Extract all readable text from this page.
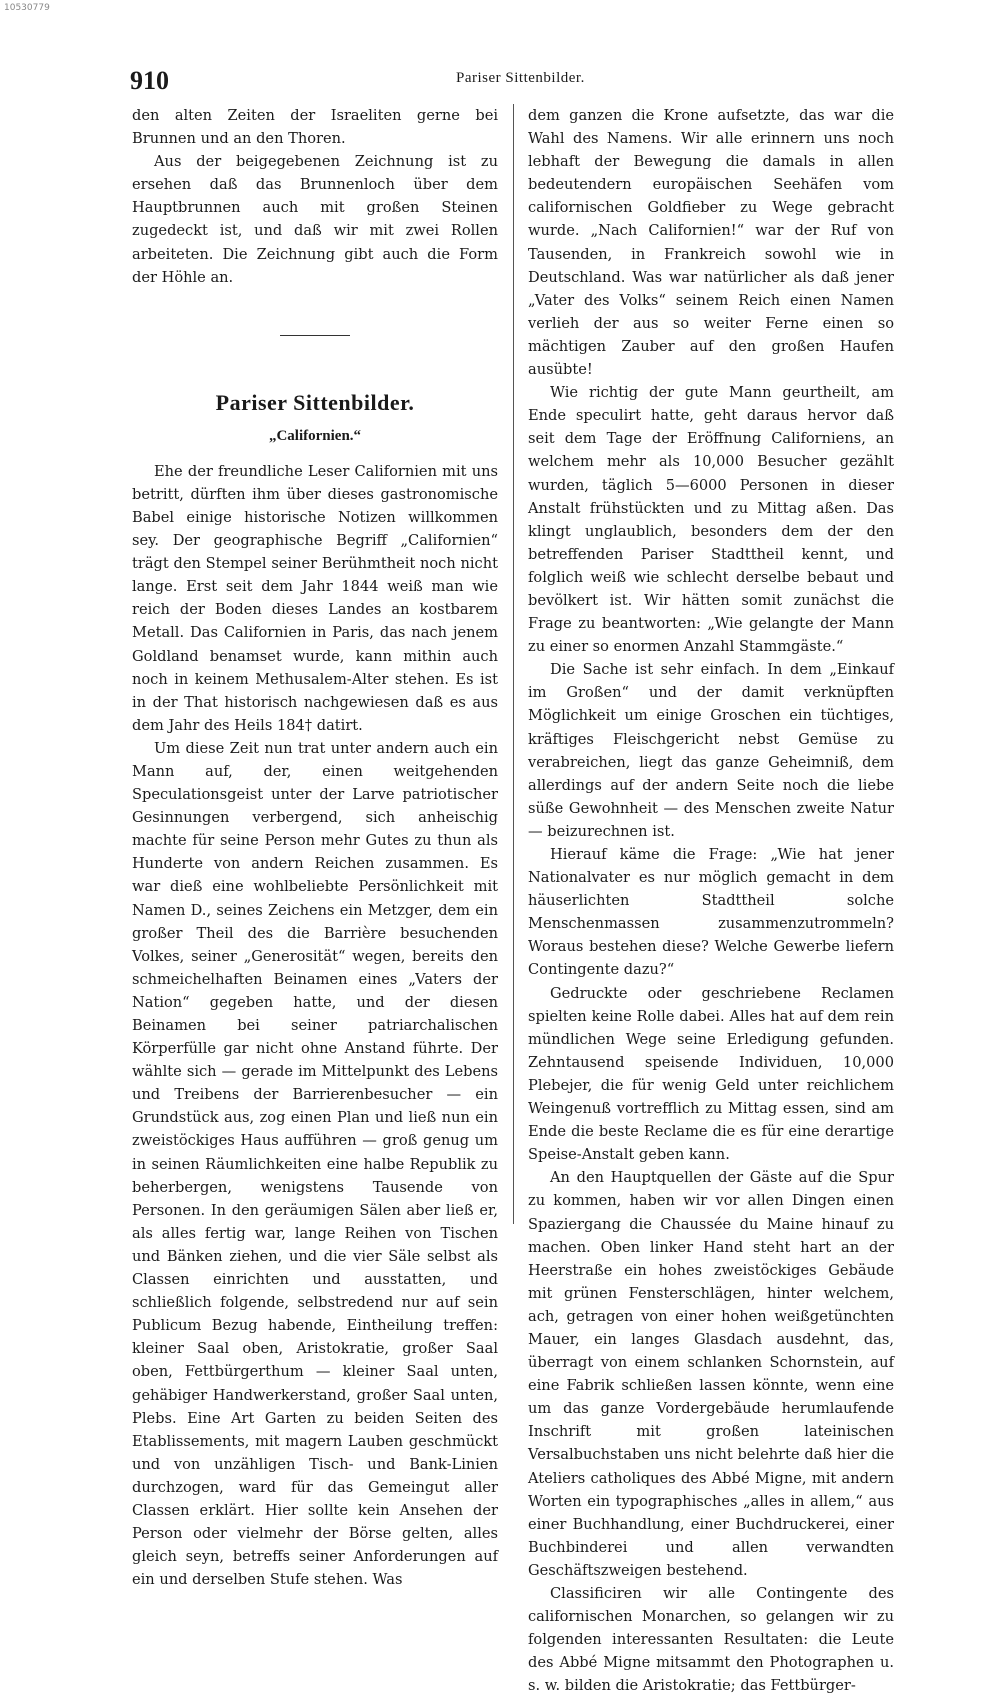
10530779
910	Pariser Sittenbilder.

den alten Zeiten der Israeliten gerne bei Brunnen und an den Thoren.

Aus der beigegebenen Zeichnung ist zu ersehen daß das Brunnenloch über dem Hauptbrunnen auch mit großen Steinen zugedeckt ist, und daß wir mit zwei Rollen arbeiteten. Die Zeichnung gibt auch die Form der Höhle an.

Pariser Sittenbilder.
„Californien.“

Ehe der freundliche Leser Californien mit uns betritt, dürften ihm über dieses gastronomische Babel einige historische Notizen willkommen sey. Der geographische Begriff „Californien“ trägt den Stempel seiner Berühmtheit noch nicht lange. Erst seit dem Jahr 1844 weiß man wie reich der Boden dieses Landes an kostbarem Metall. Das Californien in Paris, das nach jenem Goldland benamset wurde, kann mithin auch noch in keinem Methusalem-Alter stehen. Es ist in der That historisch nachgewiesen daß es aus dem Jahr des Heils 184† datirt.

Um diese Zeit nun trat unter andern auch ein Mann auf, der, einen weitgehenden Speculationsgeist unter der Larve patriotischer Gesinnungen verbergend, sich anheischig machte für seine Person mehr Gutes zu thun als Hunderte von andern Reichen zusammen. Es war dieß eine wohlbeliebte Persönlichkeit mit Namen D., seines Zeichens ein Metzger, dem ein großer Theil des die Barrière besuchenden Volkes, seiner „Generosität“ wegen, bereits den schmeichelhaften Beinamen eines „Vaters der Nation“ gegeben hatte, und der diesen Beinamen bei seiner patriarchalischen Körperfülle gar nicht ohne Anstand führte. Der wählte sich — gerade im Mittelpunkt des Lebens und Treibens der Barrierenbesucher — ein Grundstück aus, zog einen Plan und ließ nun ein zweistöckiges Haus aufführen — groß genug um in seinen Räumlichkeiten eine halbe Republik zu beherbergen, wenigstens Tausende von Personen. In den geräumigen Sälen aber ließ er, als alles fertig war, lange Reihen von Tischen und Bänken ziehen, und die vier Säle selbst als Classen einrichten und ausstatten, und schließlich folgende, selbstredend nur auf sein Publicum Bezug habende, Eintheilung treffen: kleiner Saal oben, Aristokratie, großer Saal oben, Fettbürgerthum — kleiner Saal unten, gehäbiger Handwerkerstand, großer Saal unten, Plebs. Eine Art Garten zu beiden Seiten des Etablissements, mit magern Lauben geschmückt und von unzähligen Tisch- und Bank-Linien durchzogen, ward für das Gemeingut aller Classen erklärt. Hier sollte kein Ansehen der Person oder vielmehr der Börse gelten, alles gleich seyn, betreffs seiner Anforderungen auf ein und derselben Stufe stehen. Was

dem ganzen die Krone aufsetzte, das war die Wahl des Namens. Wir alle erinnern uns noch lebhaft der Bewegung die damals in allen bedeutendern europäischen Seehäfen vom californischen Goldfieber zu Wege gebracht wurde. „Nach Californien!“ war der Ruf von Tausenden, in Frankreich sowohl wie in Deutschland. Was war natürlicher als daß jener „Vater des Volks“ seinem Reich einen Namen verlieh der aus so weiter Ferne einen so mächtigen Zauber auf den großen Haufen ausübte!

Wie richtig der gute Mann geurtheilt, am Ende speculirt hatte, geht daraus hervor daß seit dem Tage der Eröffnung Californiens, an welchem mehr als 10,000 Besucher gezählt wurden, täglich 5—6000 Personen in dieser Anstalt frühstückten und zu Mittag aßen. Das klingt unglaublich, besonders dem der den betreffenden Pariser Stadttheil kennt, und folglich weiß wie schlecht derselbe bebaut und bevölkert ist. Wir hätten somit zunächst die Frage zu beantworten: „Wie gelangte der Mann zu einer so enormen Anzahl Stammgäste.“

Die Sache ist sehr einfach. In dem „Einkauf im Großen“ und der damit verknüpften Möglichkeit um einige Groschen ein tüchtiges, kräftiges Fleischgericht nebst Gemüse zu verabreichen, liegt das ganze Geheimniß, dem allerdings auf der andern Seite noch die liebe süße Gewohnheit — des Menschen zweite Natur — beizurechnen ist.

Hierauf käme die Frage: „Wie hat jener Nationalvater es nur möglich gemacht in dem häuserlichten Stadttheil solche Menschenmassen zusammenzutrommeln? Woraus bestehen diese? Welche Gewerbe liefern Contingente dazu?“

Gedruckte oder geschriebene Reclamen spielten keine Rolle dabei. Alles hat auf dem rein mündlichen Wege seine Erledigung gefunden. Zehntausend speisende Individuen, 10,000 Plebejer, die für wenig Geld unter reichlichem Weingenuß vortrefflich zu Mittag essen, sind am Ende die beste Reclame die es für eine derartige Speise-Anstalt geben kann.

An den Hauptquellen der Gäste auf die Spur zu kommen, haben wir vor allen Dingen einen Spaziergang die Chaussée du Maine hinauf zu machen. Oben linker Hand steht hart an der Heerstraße ein hohes zweistöckiges Gebäude mit grünen Fensterschlägen, hinter welchem, ach, getragen von einer hohen weißgetünchten Mauer, ein langes Glasdach ausdehnt, das, überragt von einem schlanken Schornstein, auf eine Fabrik schließen lassen könnte, wenn eine um das ganze Vordergebäude herumlaufende Inschrift mit großen lateinischen Versalbuchstaben uns nicht belehrte daß hier die Ateliers catholiques des Abbé Migne, mit andern Worten ein typographisches „alles in allem,“ aus einer Buchhandlung, einer Buchdruckerei, einer Buchbinderei und allen verwandten Geschäftszweigen bestehend.

Classificiren wir alle Contingente des californischen Monarchen, so gelangen wir zu folgenden interessanten Resultaten: die Leute des Abbé Migne mitsammt den Photographen u. s. w. bilden die Aristokratie; das Fettbürger-
